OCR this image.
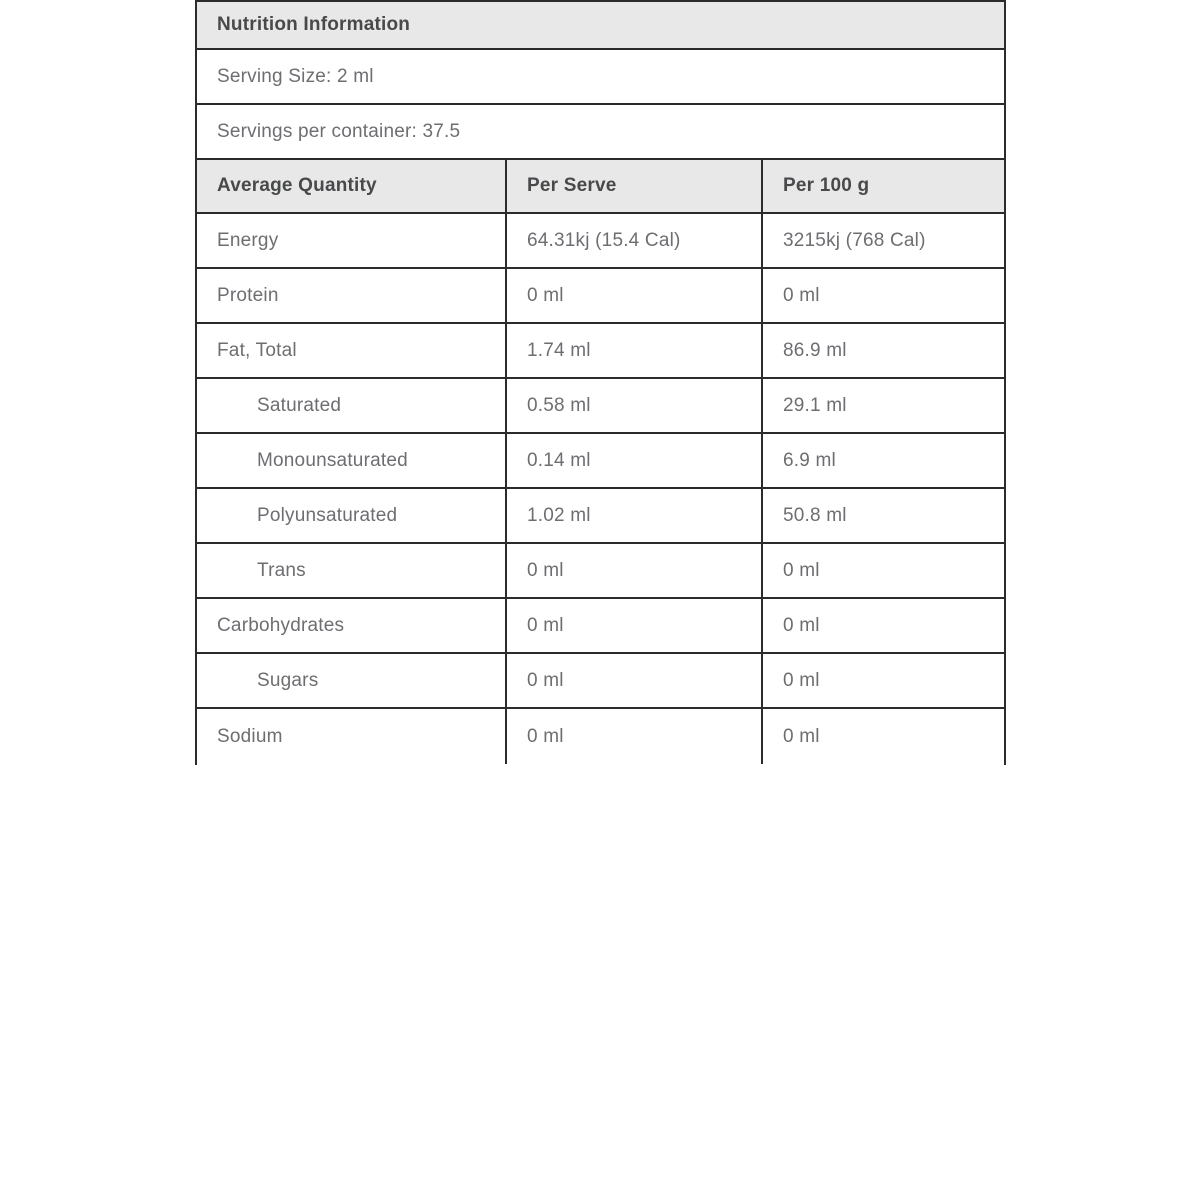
Nutrition Information
Serving Size: 2 ml
Servings per container: 37.5
Average Quantity	Per Serve	Per 100 g
Energy	64.31kj (15.4 Cal)	3215kj (768 Cal)
Protein	0 ml	0 ml
Fat, Total	1.74 ml	86.9 ml
Saturated	0.58 ml	29.1 ml
Monounsaturated	0.14 ml	6.9 ml
Polyunsaturated	1.02 ml	50.8 ml
Trans	0 ml	0 ml
Carbohydrates	0 ml	0 ml
Sugars	0 ml	0 ml
Sodium	0 ml	0 ml
